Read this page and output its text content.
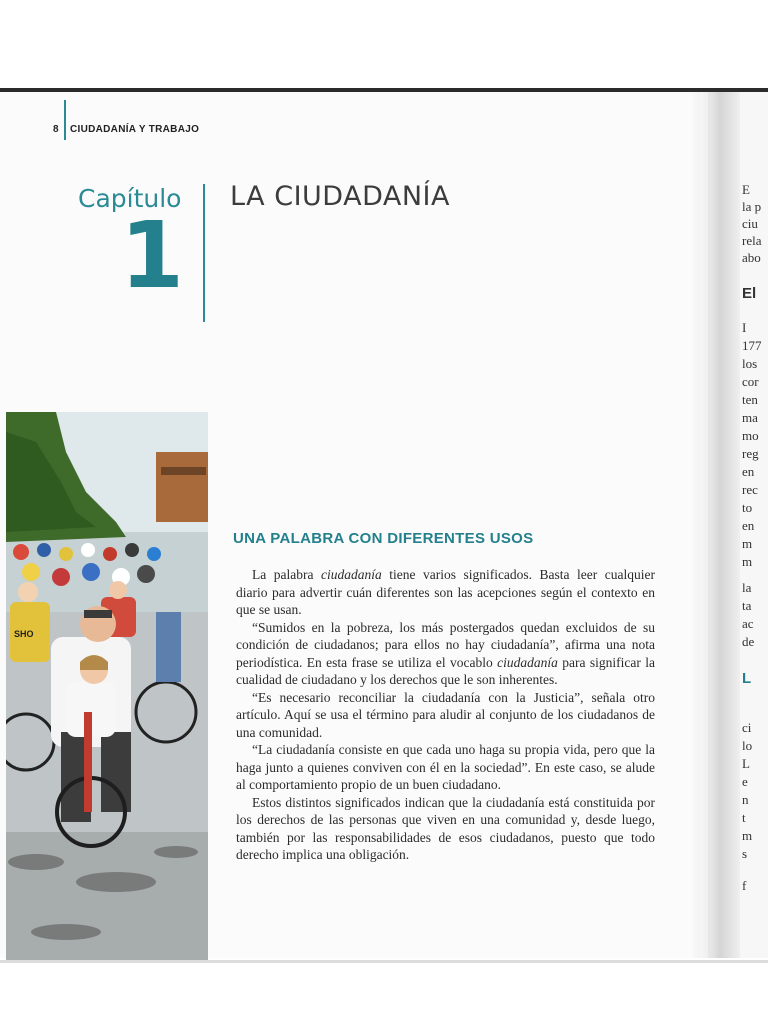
8 CIUDADANÍA Y TRABAJO
Capítulo
1
LA CIUDADANÍA
SHO
UNA PALABRA CON DIFERENTES USOS

La palabra ciudadanía tiene varios significados. Basta leer cualquier diario para advertir cuán diferentes son las acepciones según el contexto en que se usan.

“Sumidos en la pobreza, los más postergados quedan excluidos de su condición de ciudadanos; para ellos no hay ciudadanía”, afirma una nota periodística. En esta frase se utiliza el vocablo ciudadanía para significar la cualidad de ciudadano y los derechos que le son inherentes.

“Es necesario reconciliar la ciudadanía con la Justicia”, señala otro artículo. Aquí se usa el término para aludir al conjunto de los ciudadanos de una comunidad.

“La ciudadanía consiste en que cada uno haga su propia vida, pero que la haga junto a quienes conviven con él en la sociedad”. En este caso, se alude al comportamiento propio de un buen ciudadano.

Estos distintos significados indican que la ciudadanía está constituida por los derechos de las personas que viven en una comunidad y, desde luego, también por las responsabilidades de esos ciudadanos, puesto que todo derecho implica una obligación.

E
la p
ciu
rela
abo
El
I
177
los
cor
ten
ma
mo
reg
en
rec
to
en
m
m
la
ta
ac
de
L
ci
lo
L
e
n
t
m
s
f
